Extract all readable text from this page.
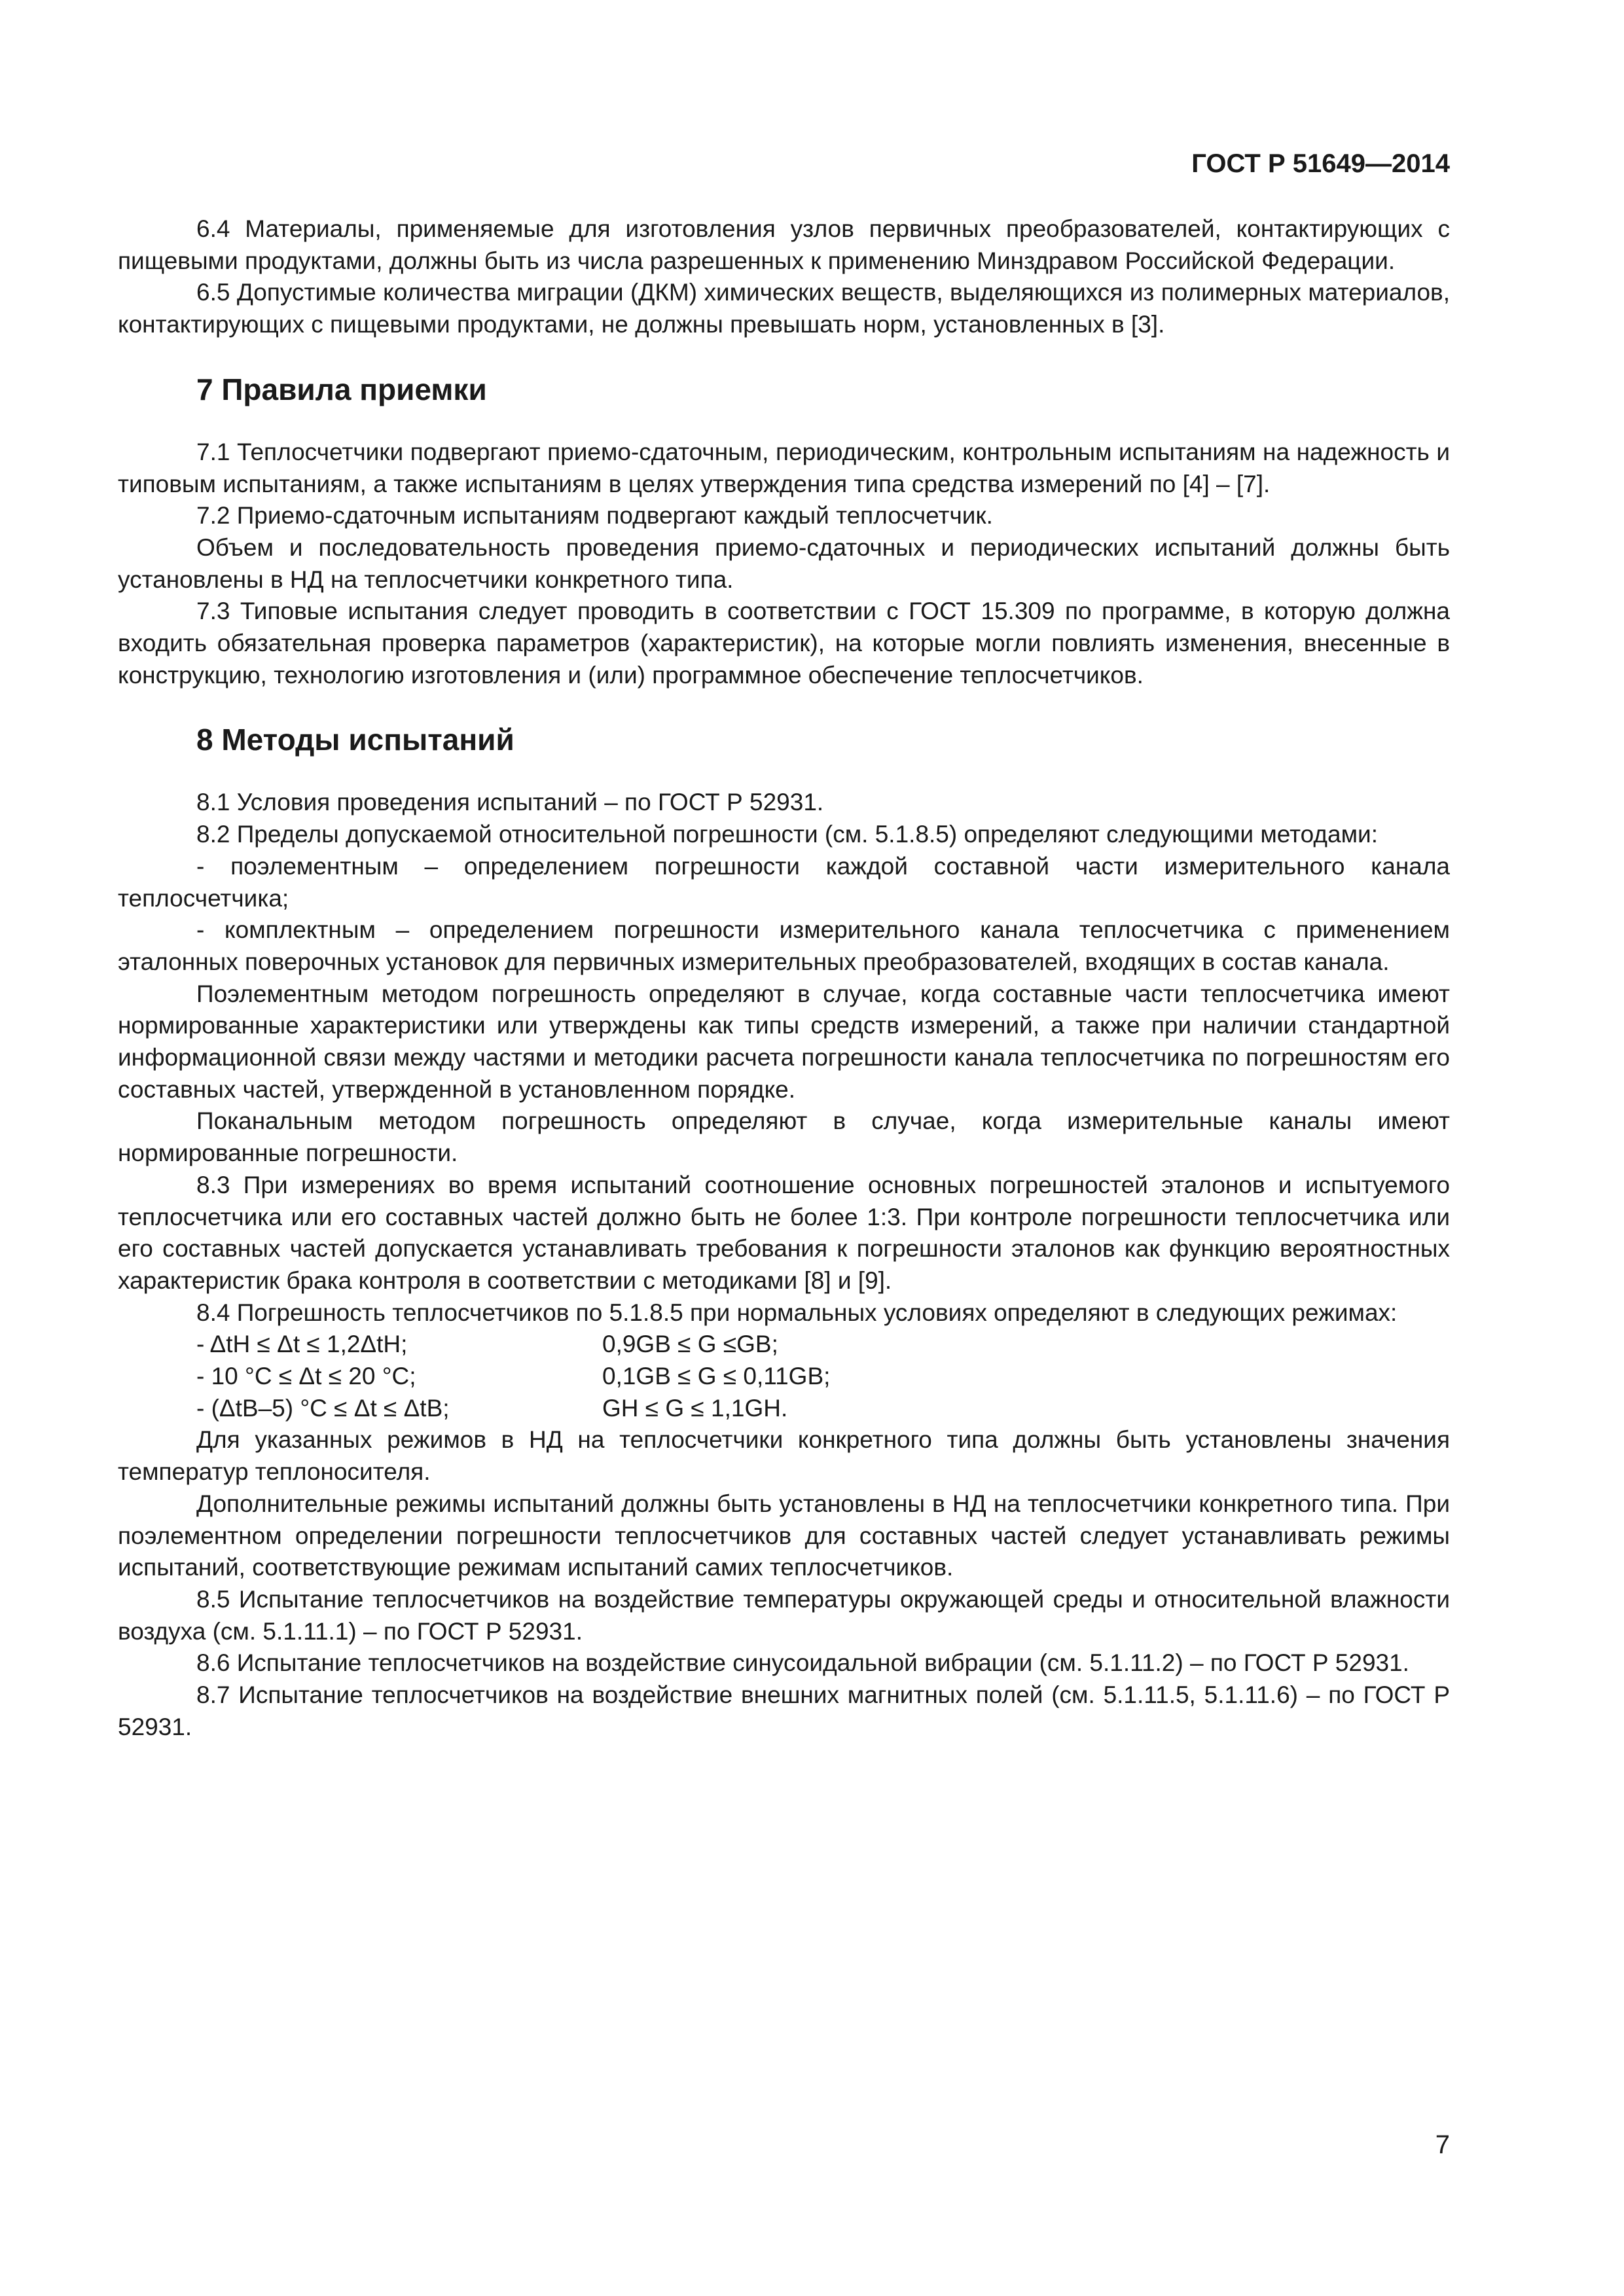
ГОСТ Р 51649—2014

6.4 Материалы, применяемые для изготовления узлов первичных преобразователей, контактирующих с пищевыми продуктами, должны быть из числа разрешенных к применению Минздравом Российской Федерации.

6.5 Допустимые количества миграции (ДКМ) химических веществ, выделяющихся из полимерных материалов, контактирующих с пищевыми продуктами, не должны превышать норм, установленных в [3].

7 Правила приемки

7.1 Теплосчетчики подвергают приемо-сдаточным, периодическим, контрольным испытаниям на надежность и типовым испытаниям, а также испытаниям в целях утверждения типа средства измерений по [4] – [7].

7.2 Приемо-сдаточным испытаниям подвергают каждый теплосчетчик.

Объем и последовательность проведения приемо-сдаточных и периодических испытаний должны быть установлены в НД на теплосчетчики конкретного типа.

7.3 Типовые испытания следует проводить в соответствии с ГОСТ 15.309 по программе, в которую должна входить обязательная проверка параметров (характеристик), на которые могли повлиять изменения, внесенные в конструкцию, технологию изготовления и (или) программное обеспечение теплосчетчиков.

8 Методы испытаний

8.1 Условия проведения испытаний – по ГОСТ Р 52931.

8.2 Пределы допускаемой относительной погрешности (см. 5.1.8.5) определяют следующими методами:

- поэлементным – определением погрешности каждой составной части измерительного канала теплосчетчика;

- комплектным – определением погрешности измерительного канала теплосчетчика с применением эталонных поверочных установок для первичных измерительных преобразователей, входящих в состав канала.

Поэлементным методом погрешность определяют в случае, когда составные части теплосчетчика имеют нормированные характеристики или утверждены как типы средств измерений, а также при наличии стандартной информационной связи между частями и методики расчета погрешности канала теплосчетчика по погрешностям его составных частей, утвержденной в установленном порядке.

Поканальным методом погрешность определяют в случае, когда измерительные каналы имеют нормированные погрешности.

8.3 При измерениях во время испытаний соотношение основных погрешностей эталонов и испытуемого теплосчетчика или его составных частей должно быть не более 1:3. При контроле погрешности теплосчетчика или его составных частей допускается устанавливать требования к погрешности эталонов как функцию вероятностных характеристик брака контроля в соответствии с методиками [8] и [9].

8.4 Погрешность теплосчетчиков по 5.1.8.5 при нормальных условиях определяют в следующих режимах:

- ΔtН ≤ Δt ≤ 1,2ΔtН;	0,9GВ ≤ G ≤GВ;
- 10 °С ≤ Δt ≤ 20 °С;	0,1GВ ≤ G ≤ 0,11GВ;
- (ΔtВ–5) °С ≤ Δt ≤ ΔtВ;	GН ≤ G ≤ 1,1GН.

Для указанных режимов в НД на теплосчетчики конкретного типа должны быть установлены значения температур теплоносителя.

Дополнительные режимы испытаний должны быть установлены в НД на теплосчетчики конкретного типа. При поэлементном определении погрешности теплосчетчиков для составных частей следует устанавливать режимы испытаний, соответствующие режимам испытаний самих теплосчетчиков.

8.5 Испытание теплосчетчиков на воздействие температуры окружающей среды и относительной влажности воздуха (см. 5.1.11.1) – по ГОСТ Р 52931.

8.6 Испытание теплосчетчиков на воздействие синусоидальной вибрации (см. 5.1.11.2) – по ГОСТ Р 52931.

8.7 Испытание теплосчетчиков на воздействие внешних магнитных полей (см. 5.1.11.5, 5.1.11.6) – по ГОСТ Р 52931.

7
